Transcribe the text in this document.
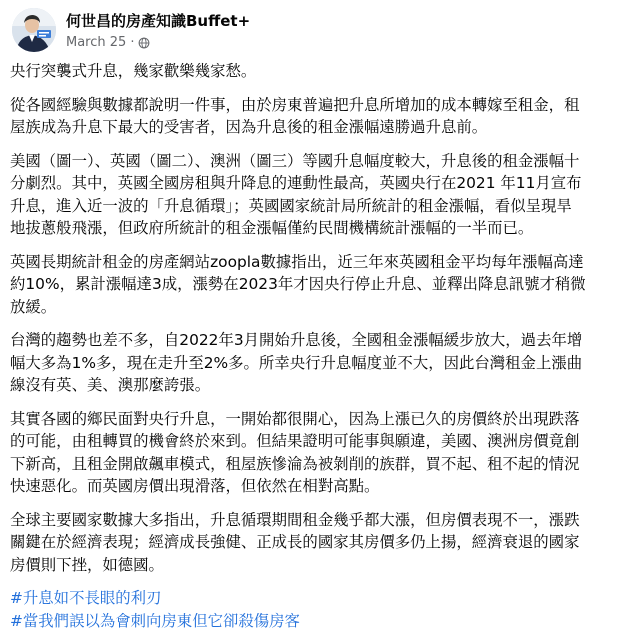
何世昌的房產知識Buffet+
March 25 ·

央行突襲式升息，幾家歡樂幾家愁。

從各國經驗與數據都說明一件事，由於房東普遍把升息所增加的成本轉嫁至租金，租
屋族成為升息下最大的受害者，因為升息後的租金漲幅遠勝過升息前。

美國（圖一）、英國（圖二）、澳洲（圖三）等國升息幅度較大，升息後的租金漲幅十
分劇烈。其中，英國全國房租與升降息的連動性最高，英國央行在2021 年11月宣布
升息，進入近一波的「升息循環」；英國國家統計局所統計的租金漲幅，看似呈現旱
地拔蔥般飛漲，但政府所統計的租金漲幅僅約民間機構統計漲幅的一半而已。

英國長期統計租金的房產網站zoopla數據指出，近三年來英國租金平均每年漲幅高達
約10%，累計漲幅達3成，漲勢在2023年才因央行停止升息、並釋出降息訊號才稍微
放緩。

台灣的趨勢也差不多，自2022年3月開始升息後，全國租金漲幅緩步放大，過去年增
幅大多為1%多，現在走升至2%多。所幸央行升息幅度並不大，因此台灣租金上漲曲
線沒有英、美、澳那麼誇張。

其實各國的鄉民面對央行升息，一開始都很開心，因為上漲已久的房價終於出現跌落
的可能，由租轉買的機會終於來到。但結果證明可能事與願違，美國、澳洲房價竟創
下新高，且租金開啟飆車模式，租屋族慘淪為被剝削的族群，買不起、租不起的情況
快速惡化。而英國房價出現滑落，但依然在相對高點。

全球主要國家數據大多指出，升息循環期間租金幾乎都大漲，但房價表現不一，漲跌
關鍵在於經濟表現；經濟成長強健、正成長的國家其房價多仍上揚，經濟衰退的國家
房價則下挫，如德國。

#升息如不長眼的利刃
#當我們誤以為會刺向房東但它卻殺傷房客
